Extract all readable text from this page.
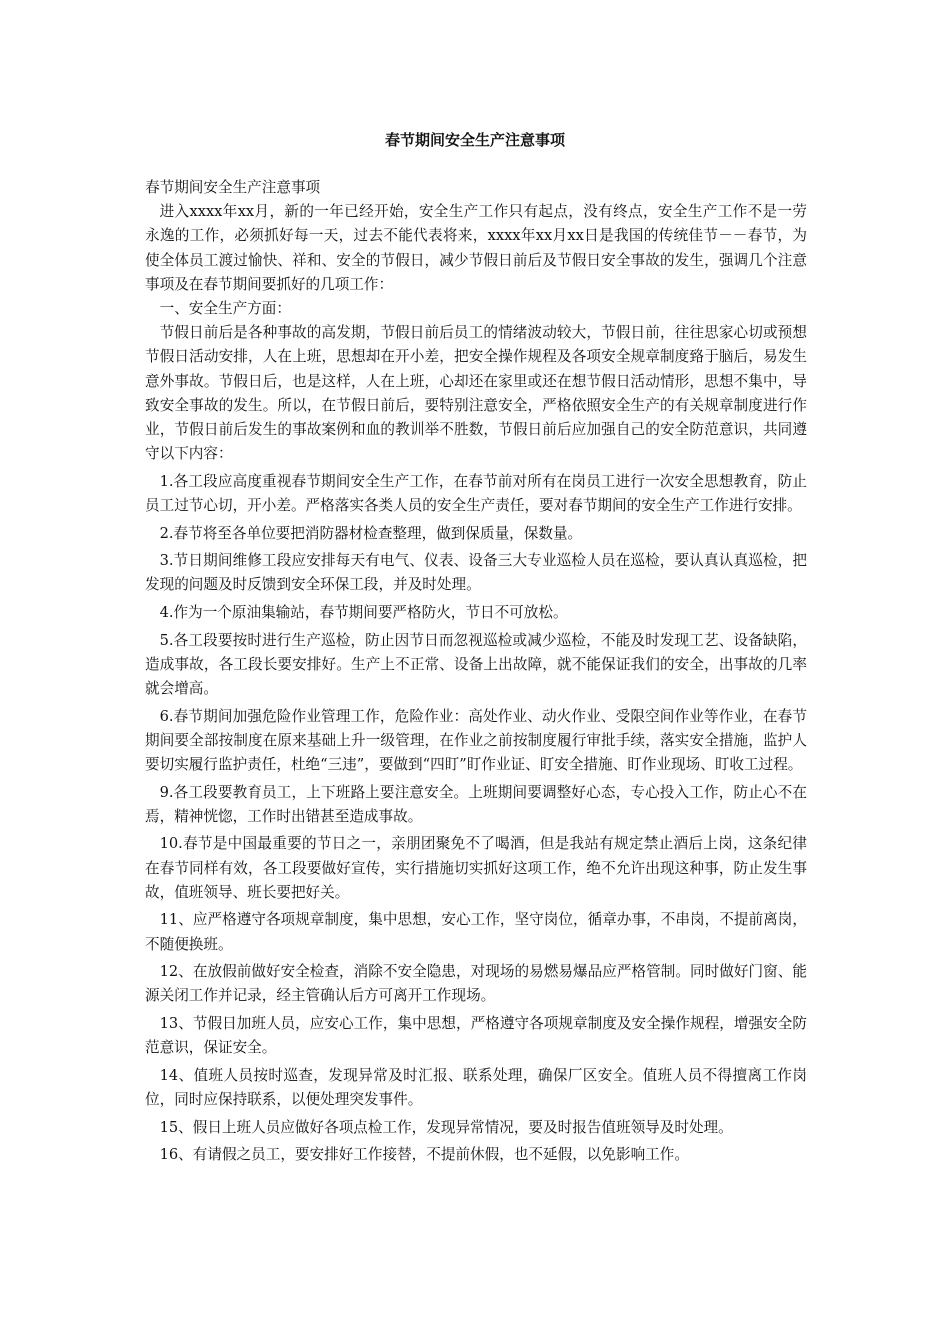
春节期间安全生产注意事项

春节期间安全生产注意事项

进入xxxx年xx月，新的一年已经开始，安全生产工作只有起点，没有终点，安全生产工作不是一劳永逸的工作，必须抓好每一天，过去不能代表将来，xxxx年xx月xx日是我国的传统佳节－－春节，为使全体员工渡过愉快、祥和、安全的节假日，减少节假日前后及节假日安全事故的发生，强调几个注意事项及在春节期间要抓好的几项工作：

一、安全生产方面：

节假日前后是各种事故的高发期，节假日前后员工的情绪波动较大，节假日前，往往思家心切或预想节假日活动安排，人在上班，思想却在开小差，把安全操作规程及各项安全规章制度臵于脑后，易发生意外事故。节假日后，也是这样，人在上班，心却还在家里或还在想节假日活动情形，思想不集中，导致安全事故的发生。所以，在节假日前后，要特别注意安全，严格依照安全生产的有关规章制度进行作业，节假日前后发生的事故案例和血的教训举不胜数，节假日前后应加强自己的安全防范意识，共同遵守以下内容：

1.各工段应高度重视春节期间安全生产工作，在春节前对所有在岗员工进行一次安全思想教育，防止员工过节心切，开小差。严格落实各类人员的安全生产责任，要对春节期间的安全生产工作进行安排。

2.春节将至各单位要把消防器材检查整理，做到保质量，保数量。

3.节日期间维修工段应安排每天有电气、仪表、设备三大专业巡检人员在巡检，要认真认真巡检，把发现的问题及时反馈到安全环保工段，并及时处理。

4.作为一个原油集输站，春节期间要严格防火，节日不可放松。

5.各工段要按时进行生产巡检，防止因节日而忽视巡检或减少巡检，不能及时发现工艺、设备缺陷，造成事故，各工段长要安排好。生产上不正常、设备上出故障，就不能保证我们的安全，出事故的几率就会增高。

6.春节期间加强危险作业管理工作，危险作业：高处作业、动火作业、受限空间作业等作业，在春节期间要全部按制度在原来基础上升一级管理，在作业之前按制度履行审批手续，落实安全措施，监护人要切实履行监护责任，杜绝“三违”，要做到“四盯”盯作业证、盯安全措施、盯作业现场、盯收工过程。

9.各工段要教育员工，上下班路上要注意安全。上班期间要调整好心态，专心投入工作，防止心不在焉，精神恍惚，工作时出错甚至造成事故。

10.春节是中国最重要的节日之一，亲朋团聚免不了喝酒，但是我站有规定禁止酒后上岗，这条纪律在春节同样有效，各工段要做好宣传，实行措施切实抓好这项工作，绝不允许出现这种事，防止发生事故，值班领导、班长要把好关。

11、应严格遵守各项规章制度，集中思想，安心工作，坚守岗位，循章办事，不串岗，不提前离岗，不随便换班。

12、在放假前做好安全检查，消除不安全隐患，对现场的易燃易爆品应严格管制。同时做好门窗、能源关闭工作并记录，经主管确认后方可离开工作现场。

13、节假日加班人员，应安心工作，集中思想，严格遵守各项规章制度及安全操作规程，增强安全防范意识，保证安全。

14、值班人员按时巡查，发现异常及时汇报、联系处理，确保厂区安全。值班人员不得擅离工作岗位，同时应保持联系，以便处理突发事件。

15、假日上班人员应做好各项点检工作，发现异常情况，要及时报告值班领导及时处理。

16、有请假之员工，要安排好工作接替，不提前休假，也不延假，以免影响工作。
